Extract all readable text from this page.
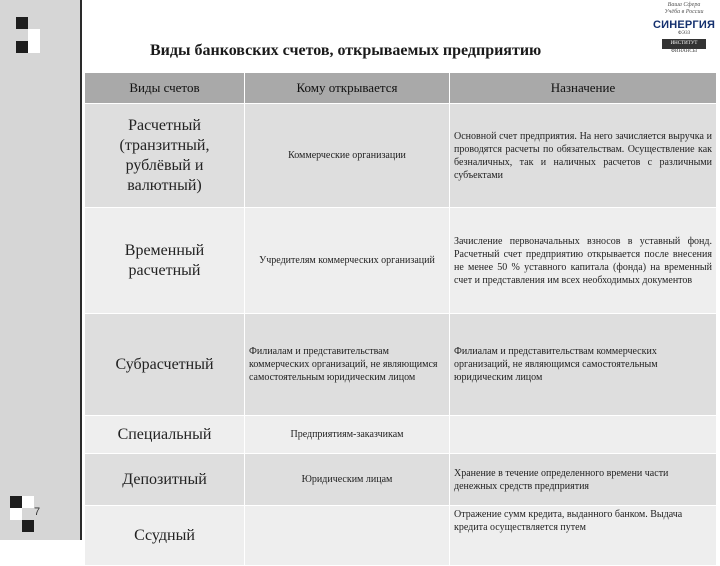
Виды банковских счетов, открываемых предприятию
Ваша Сфера
Учёба в России
СИНЕРГИЯ
ФЭЗЗ
ИНСТИТУТ
ФИНАНСЫ
7
Виды счетов	Кому открывается	Назначение
Расчетный (транзитный, рублёвый и валютный)	Коммерческие организации	Основной счет предприятия. На него зачисляется выручка и проводятся расчеты по обязательствам. Осуществление как безналичных, так и наличных расчетов с различными субъектами
Временный расчетный	Учредителям коммерческих организаций	Зачисление первоначальных взносов в уставный фонд. Расчетный счет предприятию открывается после внесения не менее 50 % уставного капитала (фонда) на временный счет и представления им всех необходимых документов
Субрасчетный	Филиалам и представительствам коммерческих организаций, не являющимся самостоятельным юридическим лицом	Филиалам и представительствам коммерческих организаций, не являющимся самостоятельным юридическим лицом
Специальный	Предприятиям-заказчикам	
Депозитный	Юридическим лицам	Хранение в течение определенного времени части денежных средств предприятия
Ссудный		Отражение сумм кредита, выданного банком. Выдача кредита осуществляется путем
